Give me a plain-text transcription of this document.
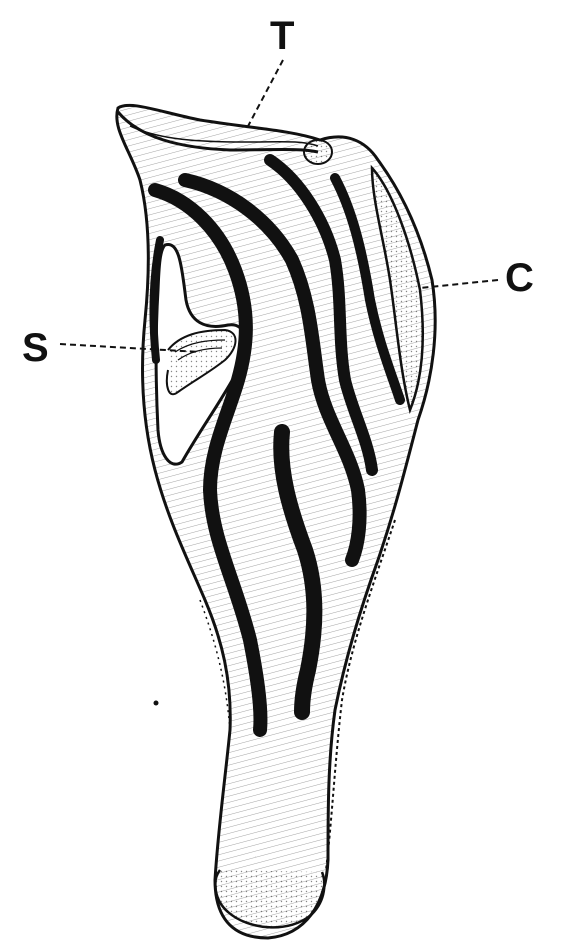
T
C
S
